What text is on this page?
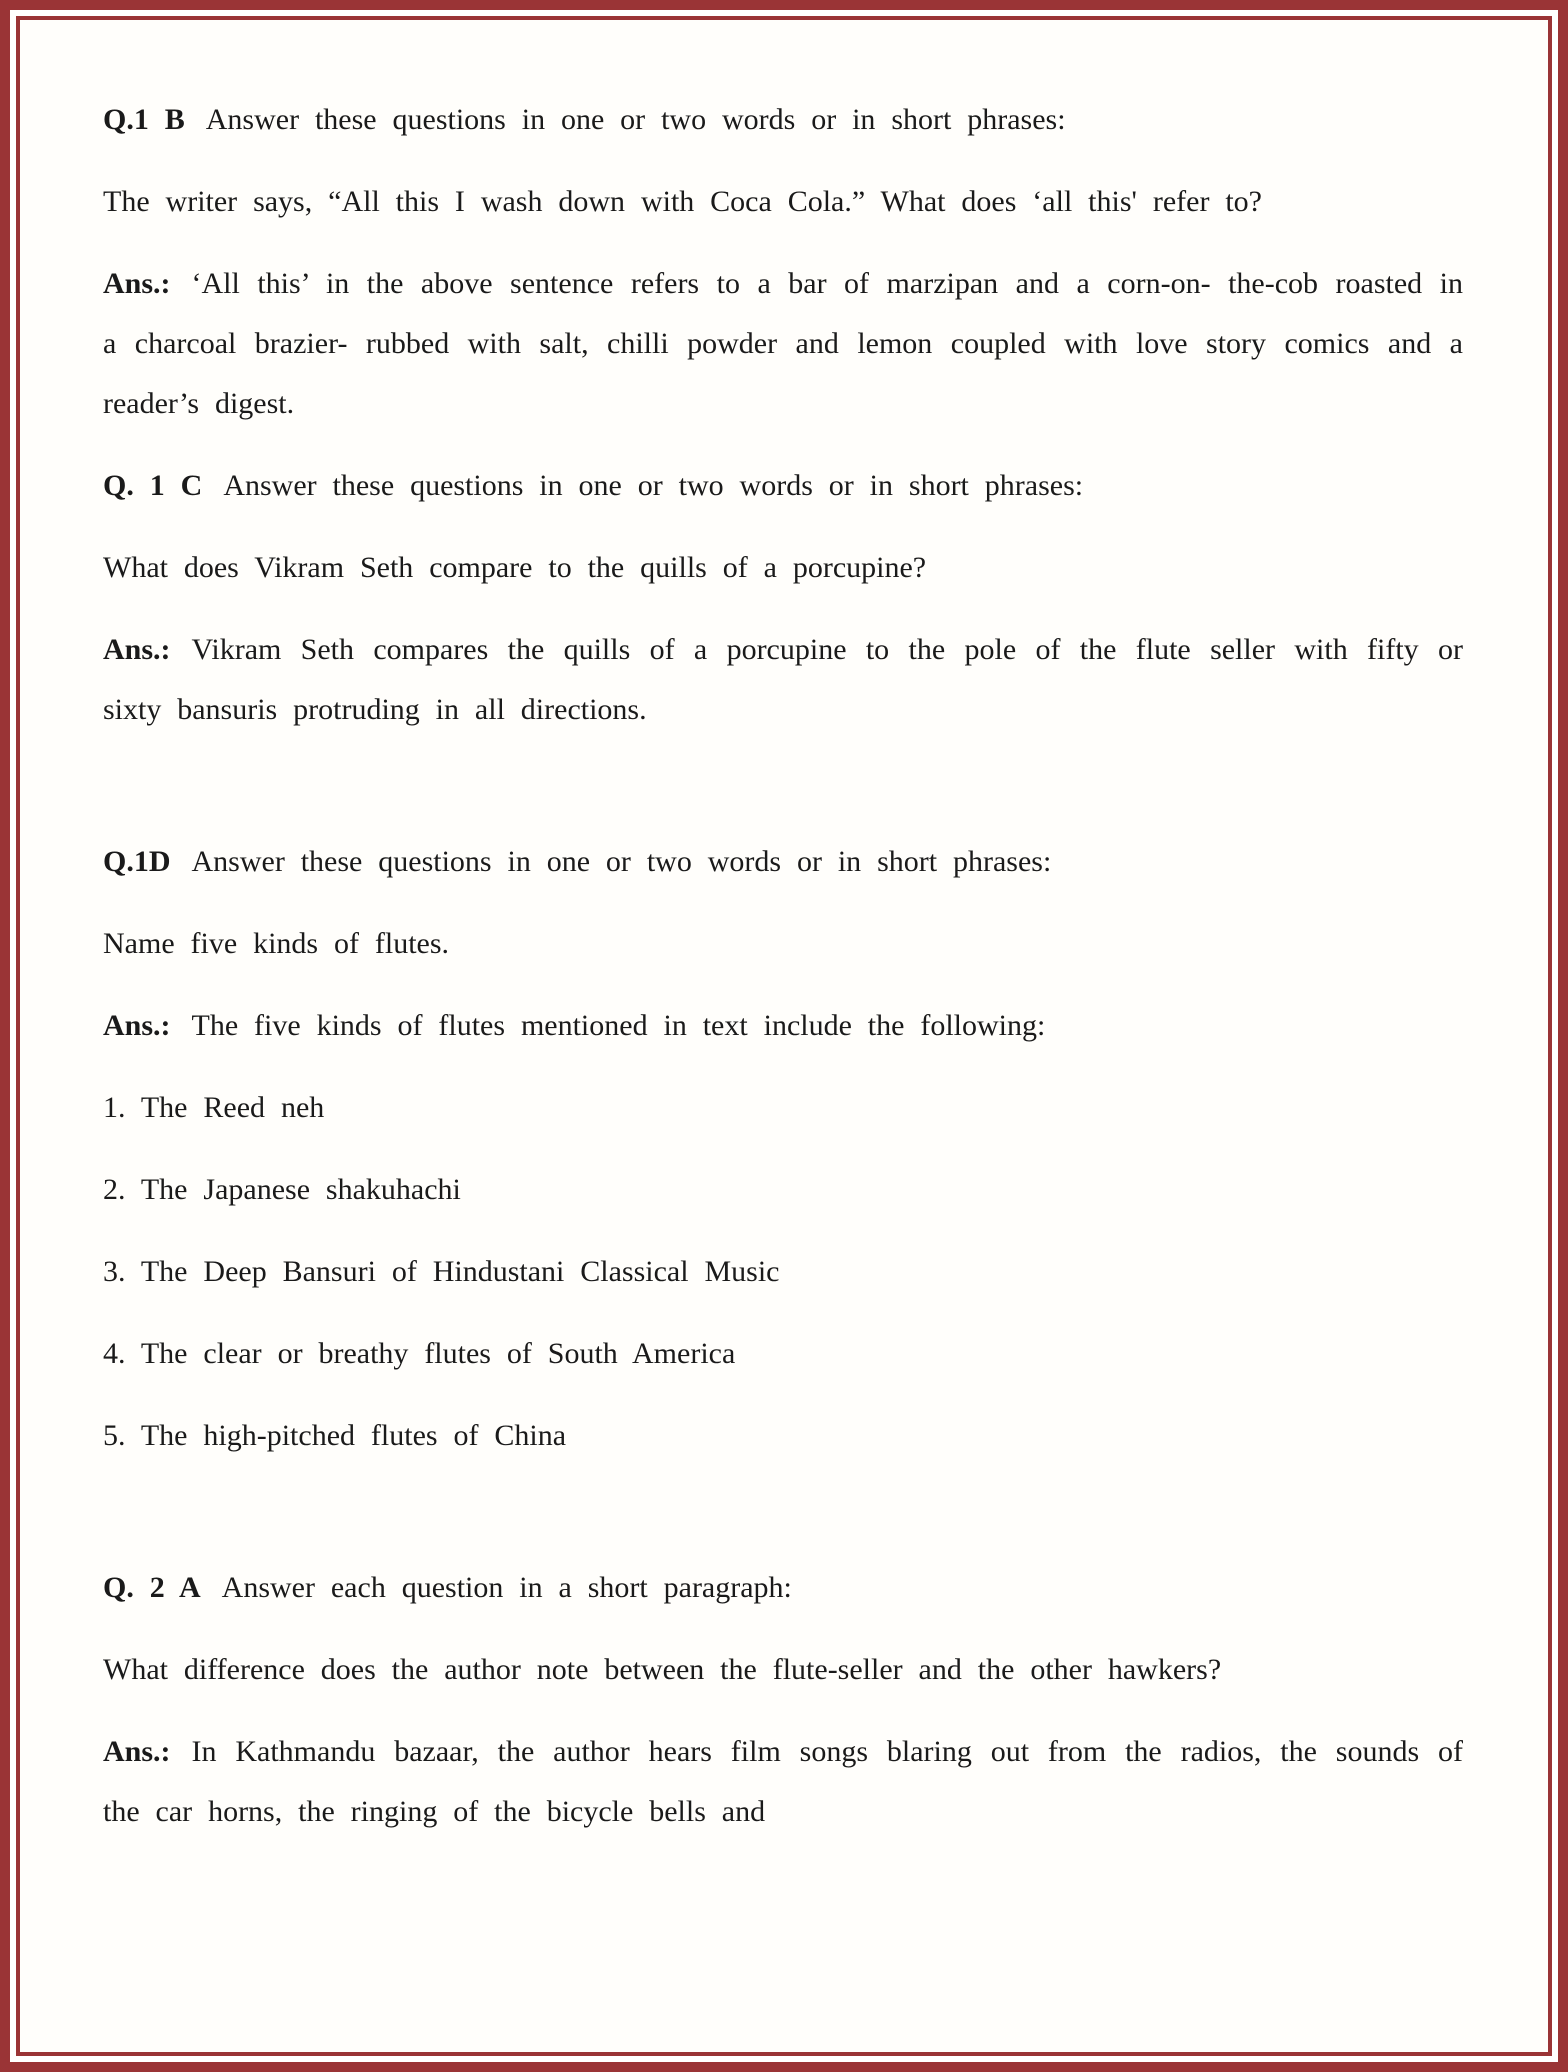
Q.1 B Answer these questions in one or two words or in short phrases:

The writer says, “All this I wash down with Coca Cola.” What does ‘all this' refer to?

Ans.: ‘All this’ in the above sentence refers to a bar of marzipan and a corn-on- the-cob roasted in a charcoal brazier- rubbed with salt, chilli powder and lemon coupled with love story comics and a reader’s digest.

Q. 1 C Answer these questions in one or two words or in short phrases:

What does Vikram Seth compare to the quills of a porcupine?

Ans.: Vikram Seth compares the quills of a porcupine to the pole of the flute seller with fifty or sixty bansuris protruding in all directions.

Q.1D Answer these questions in one or two words or in short phrases:

Name five kinds of flutes.

Ans.: The five kinds of flutes mentioned in text include the following:

1. The Reed neh

2. The Japanese shakuhachi

3. The Deep Bansuri of Hindustani Classical Music

4. The clear or breathy flutes of South America

5. The high-pitched flutes of China

Q. 2 A Answer each question in a short paragraph:

What difference does the author note between the flute-seller and the other hawkers?

Ans.: In Kathmandu bazaar, the author hears film songs blaring out from the radios, the sounds of the car horns, the ringing of the bicycle bells and
